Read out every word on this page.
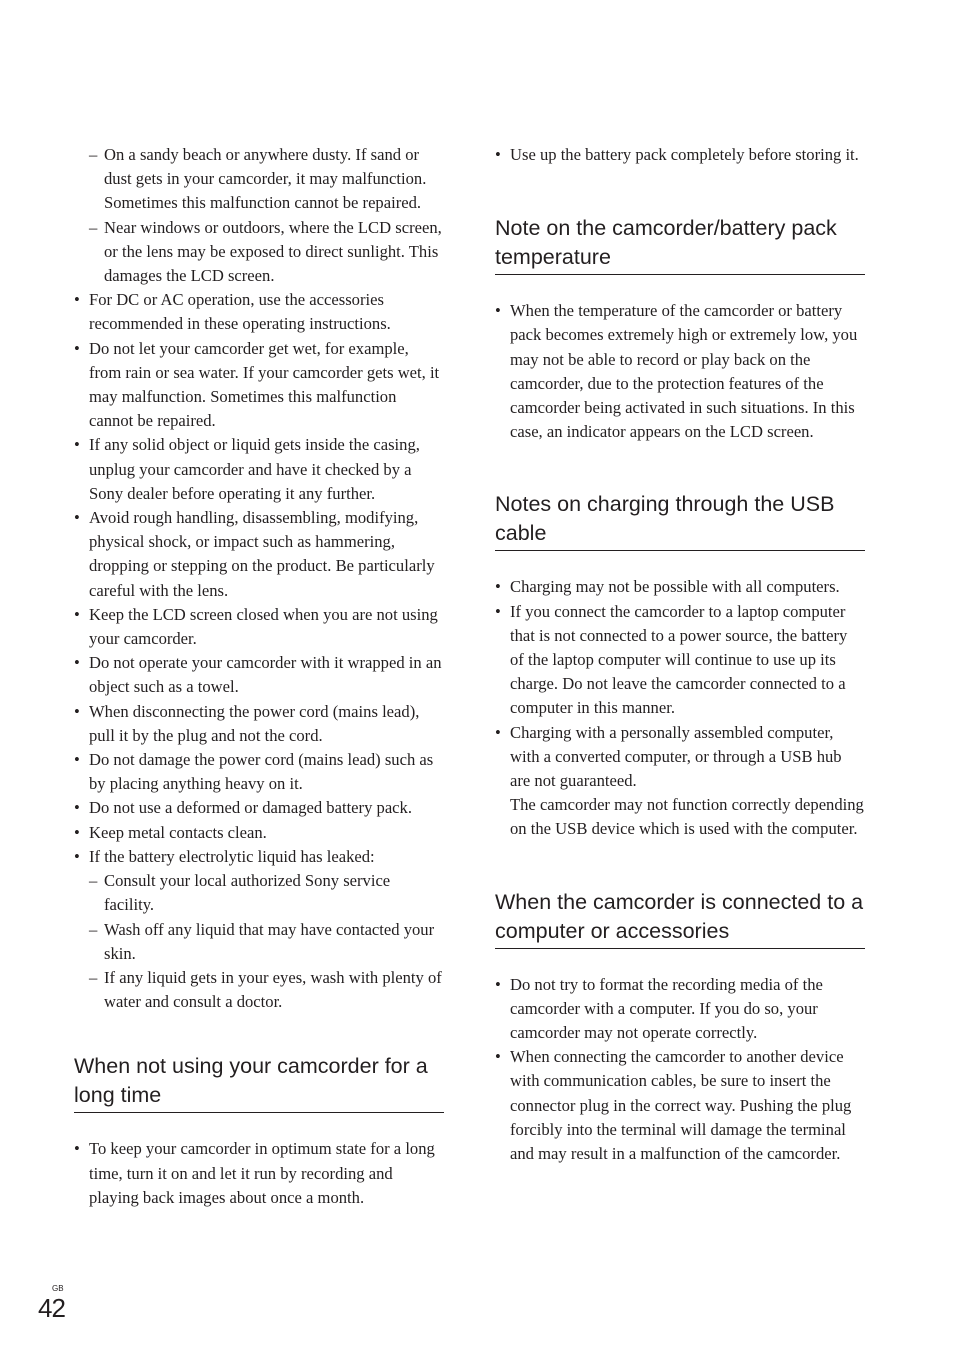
– On a sandy beach or anywhere dusty. If sand or dust gets in your camcorder, it may malfunction. Sometimes this malfunction cannot be repaired.
– Near windows or outdoors, where the LCD screen, or the lens may be exposed to direct sunlight. This damages the LCD screen.
• For DC or AC operation, use the accessories recommended in these operating instructions.
• Do not let your camcorder get wet, for example, from rain or sea water. If your camcorder gets wet, it may malfunction. Sometimes this malfunction cannot be repaired.
• If any solid object or liquid gets inside the casing, unplug your camcorder and have it checked by a Sony dealer before operating it any further.
• Avoid rough handling, disassembling, modifying, physical shock, or impact such as hammering, dropping or stepping on the product. Be particularly careful with the lens.
• Keep the LCD screen closed when you are not using your camcorder.
• Do not operate your camcorder with it wrapped in an object such as a towel.
• When disconnecting the power cord (mains lead), pull it by the plug and not the cord.
• Do not damage the power cord (mains lead) such as by placing anything heavy on it.
• Do not use a deformed or damaged battery pack.
• Keep metal contacts clean.
• If the battery electrolytic liquid has leaked:
– Consult your local authorized Sony service facility.
– Wash off any liquid that may have contacted your skin.
– If any liquid gets in your eyes, wash with plenty of water and consult a doctor.
When not using your camcorder for a long time
• To keep your camcorder in optimum state for a long time, turn it on and let it run by recording and playing back images about once a month.
• Use up the battery pack completely before storing it.
Note on the camcorder/battery pack temperature
• When the temperature of the camcorder or battery pack becomes extremely high or extremely low, you may not be able to record or play back on the camcorder, due to the protection features of the camcorder being activated in such situations. In this case, an indicator appears on the LCD screen.
Notes on charging through the USB cable
• Charging may not be possible with all computers.
• If you connect the camcorder to a laptop computer that is not connected to a power source, the battery of the laptop computer will continue to use up its charge. Do not leave the camcorder connected to a computer in this manner.
• Charging with a personally assembled computer, with a converted computer, or through a USB hub are not guaranteed.
The camcorder may not function correctly depending on the USB device which is used with the computer.
When the camcorder is connected to a computer or accessories
• Do not try to format the recording media of the camcorder with a computer. If you do so, your camcorder may not operate correctly.
• When connecting the camcorder to another device with communication cables, be sure to insert the connector plug in the correct way. Pushing the plug forcibly into the terminal will damage the terminal and may result in a malfunction of the camcorder.
GB
42
